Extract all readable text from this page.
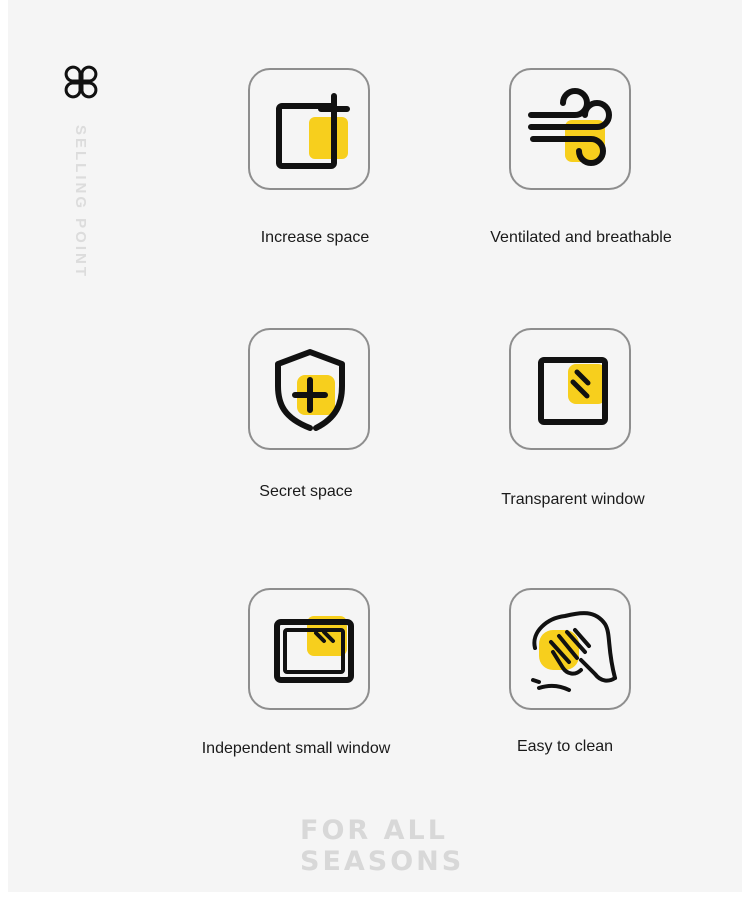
SELLING POINT	Increase space	Ventilated and breathable
Secret space	Transparent window
Independent small window	Easy to clean
FOR ALL SEASONS
